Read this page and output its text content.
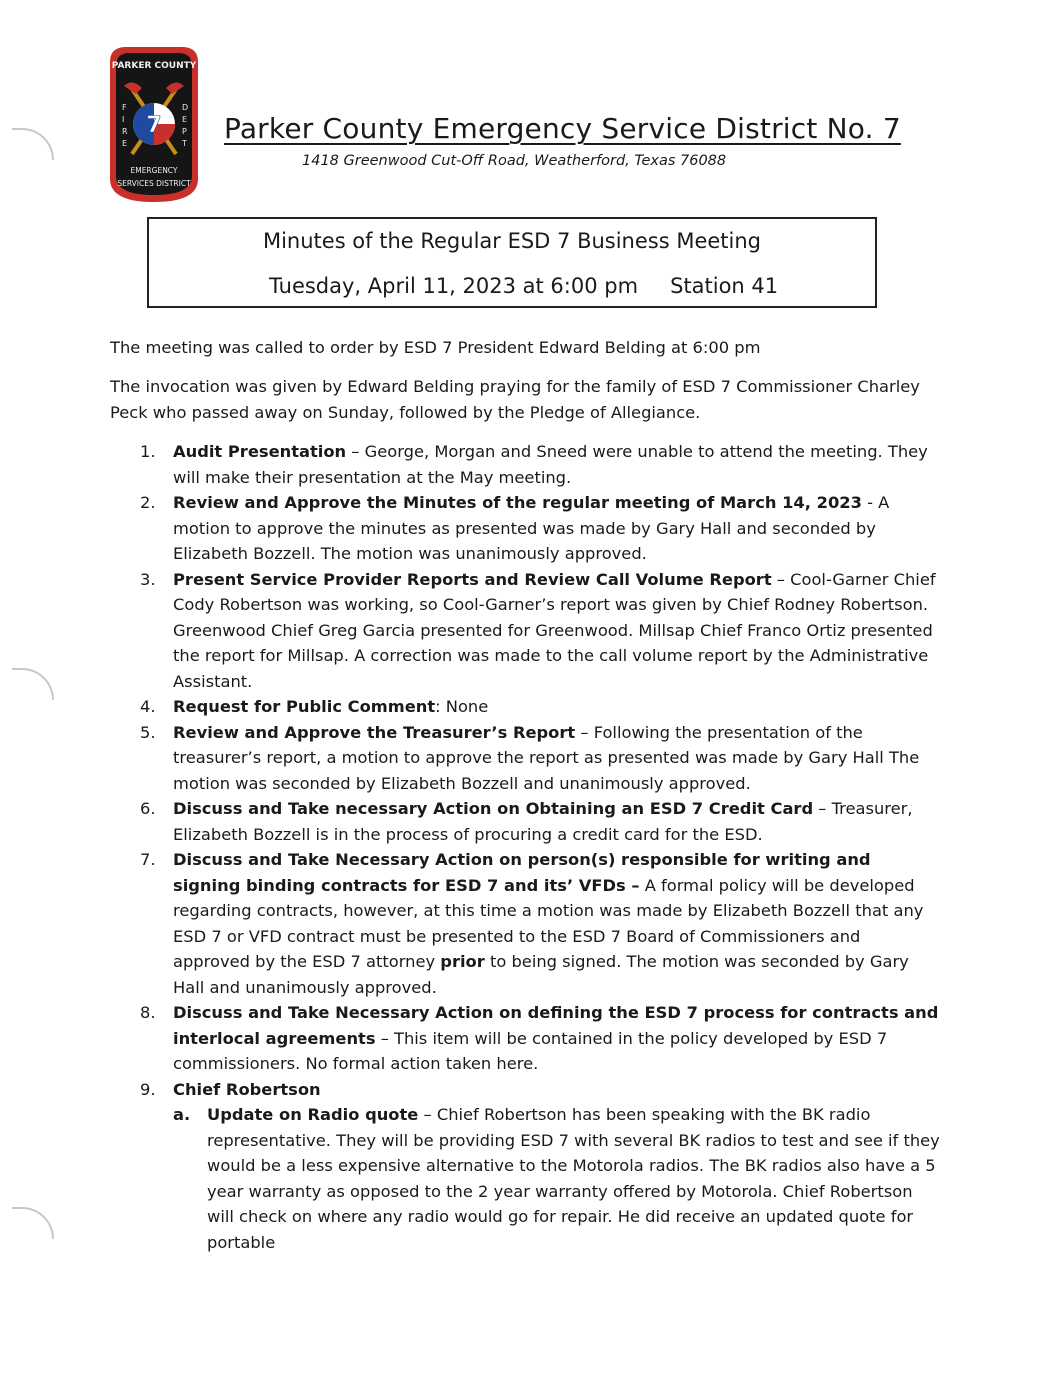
PARKER COUNTY
7
F
I
R
E
D
E
P
T
EMERGENCY
SERVICES DISTRICT
Parker County Emergency Service District No. 7
1418 Greenwood Cut-Off Road, Weatherford, Texas 76088
Minutes of the Regular ESD 7 Business Meeting
Tuesday, April 11, 2023 at 6:00 pm Station 41
The meeting was called to order by ESD 7 President Edward Belding at 6:00 pm
The invocation was given by Edward Belding praying for the family of ESD 7 Commissioner Charley Peck who passed away on Sunday, followed by the Pledge of Allegiance.
1. Audit Presentation – George, Morgan and Sneed were unable to attend the meeting. They will make their presentation at the May meeting.
2. Review and Approve the Minutes of the regular meeting of March 14, 2023 - A motion to approve the minutes as presented was made by Gary Hall and seconded by Elizabeth Bozzell. The motion was unanimously approved.
3. Present Service Provider Reports and Review Call Volume Report – Cool-Garner Chief Cody Robertson was working, so Cool-Garner’s report was given by Chief Rodney Robertson. Greenwood Chief Greg Garcia presented for Greenwood. Millsap Chief Franco Ortiz presented the report for Millsap. A correction was made to the call volume report by the Administrative Assistant.
4. Request for Public Comment: None
5. Review and Approve the Treasurer’s Report – Following the presentation of the treasurer’s report, a motion to approve the report as presented was made by Gary Hall The motion was seconded by Elizabeth Bozzell and unanimously approved.
6. Discuss and Take necessary Action on Obtaining an ESD 7 Credit Card – Treasurer, Elizabeth Bozzell is in the process of procuring a credit card for the ESD.
7. Discuss and Take Necessary Action on person(s) responsible for writing and signing binding contracts for ESD 7 and its’ VFDs – A formal policy will be developed regarding contracts, however, at this time a motion was made by Elizabeth Bozzell that any ESD 7 or VFD contract must be presented to the ESD 7 Board of Commissioners and approved by the ESD 7 attorney prior to being signed. The motion was seconded by Gary Hall and unanimously approved.
8. Discuss and Take Necessary Action on defining the ESD 7 process for contracts and interlocal agreements – This item will be contained in the policy developed by ESD 7 commissioners. No formal action taken here.
9. Chief Robertson
a. Update on Radio quote – Chief Robertson has been speaking with the BK radio representative. They will be providing ESD 7 with several BK radios to test and see if they would be a less expensive alternative to the Motorola radios. The BK radios also have a 5 year warranty as opposed to the 2 year warranty offered by Motorola. Chief Robertson will check on where any radio would go for repair. He did receive an updated quote for portable
